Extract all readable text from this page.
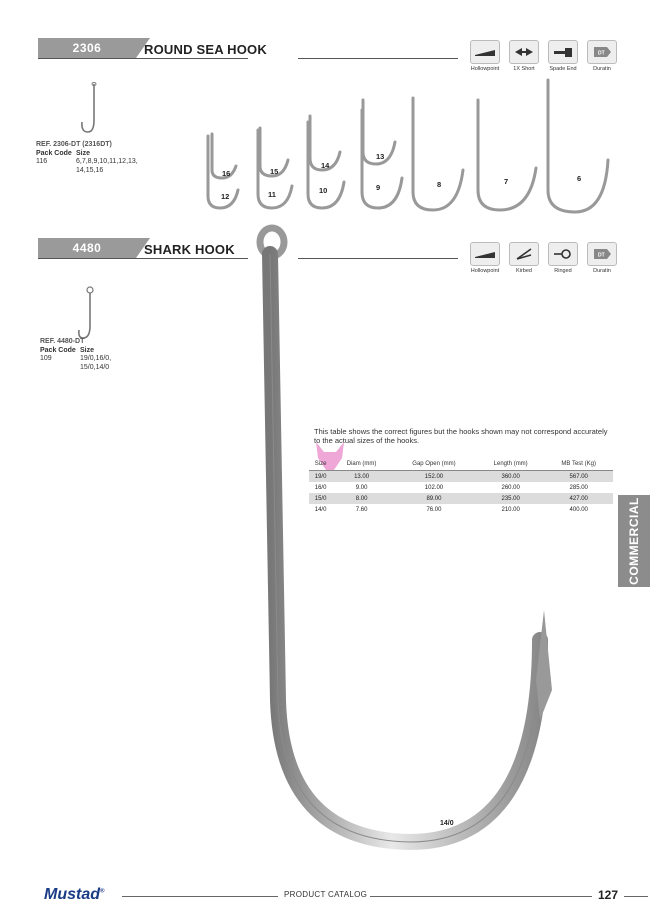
2306	ROUND SEA HOOK
Hollowpoint	1X Short	Spade End
DT
Duratin
REF. 2306-DT (2316DT)
Pack Code Size
116	6,7,8,9,10,11,12,13,
14,15,16	16	15
14
13
12	11	10	9	8	7	6
4480	SHARK HOOK
Hollowpoint	Kirbed	Ringed
DT
Duratin
REF. 4480-DT
Pack Code Size
109	19/0,16/0,
15/0,14/0
14/0
This table shows the correct figures but the hooks shown may not correspond accurately to the actual sizes of the hooks.
Size	Diam (mm)	Gap Open (mm)	Length (mm)	MB Test (Kg)
19/0	13.00	152.00	360.00	567.00
16/0	9.00	102.00	260.00	285.00
15/0	8.00	89.00	235.00	427.00
14/0	7.60	76.00	210.00	400.00	COMMERCIAL
Mustad®	PRODUCT CATALOG	127
